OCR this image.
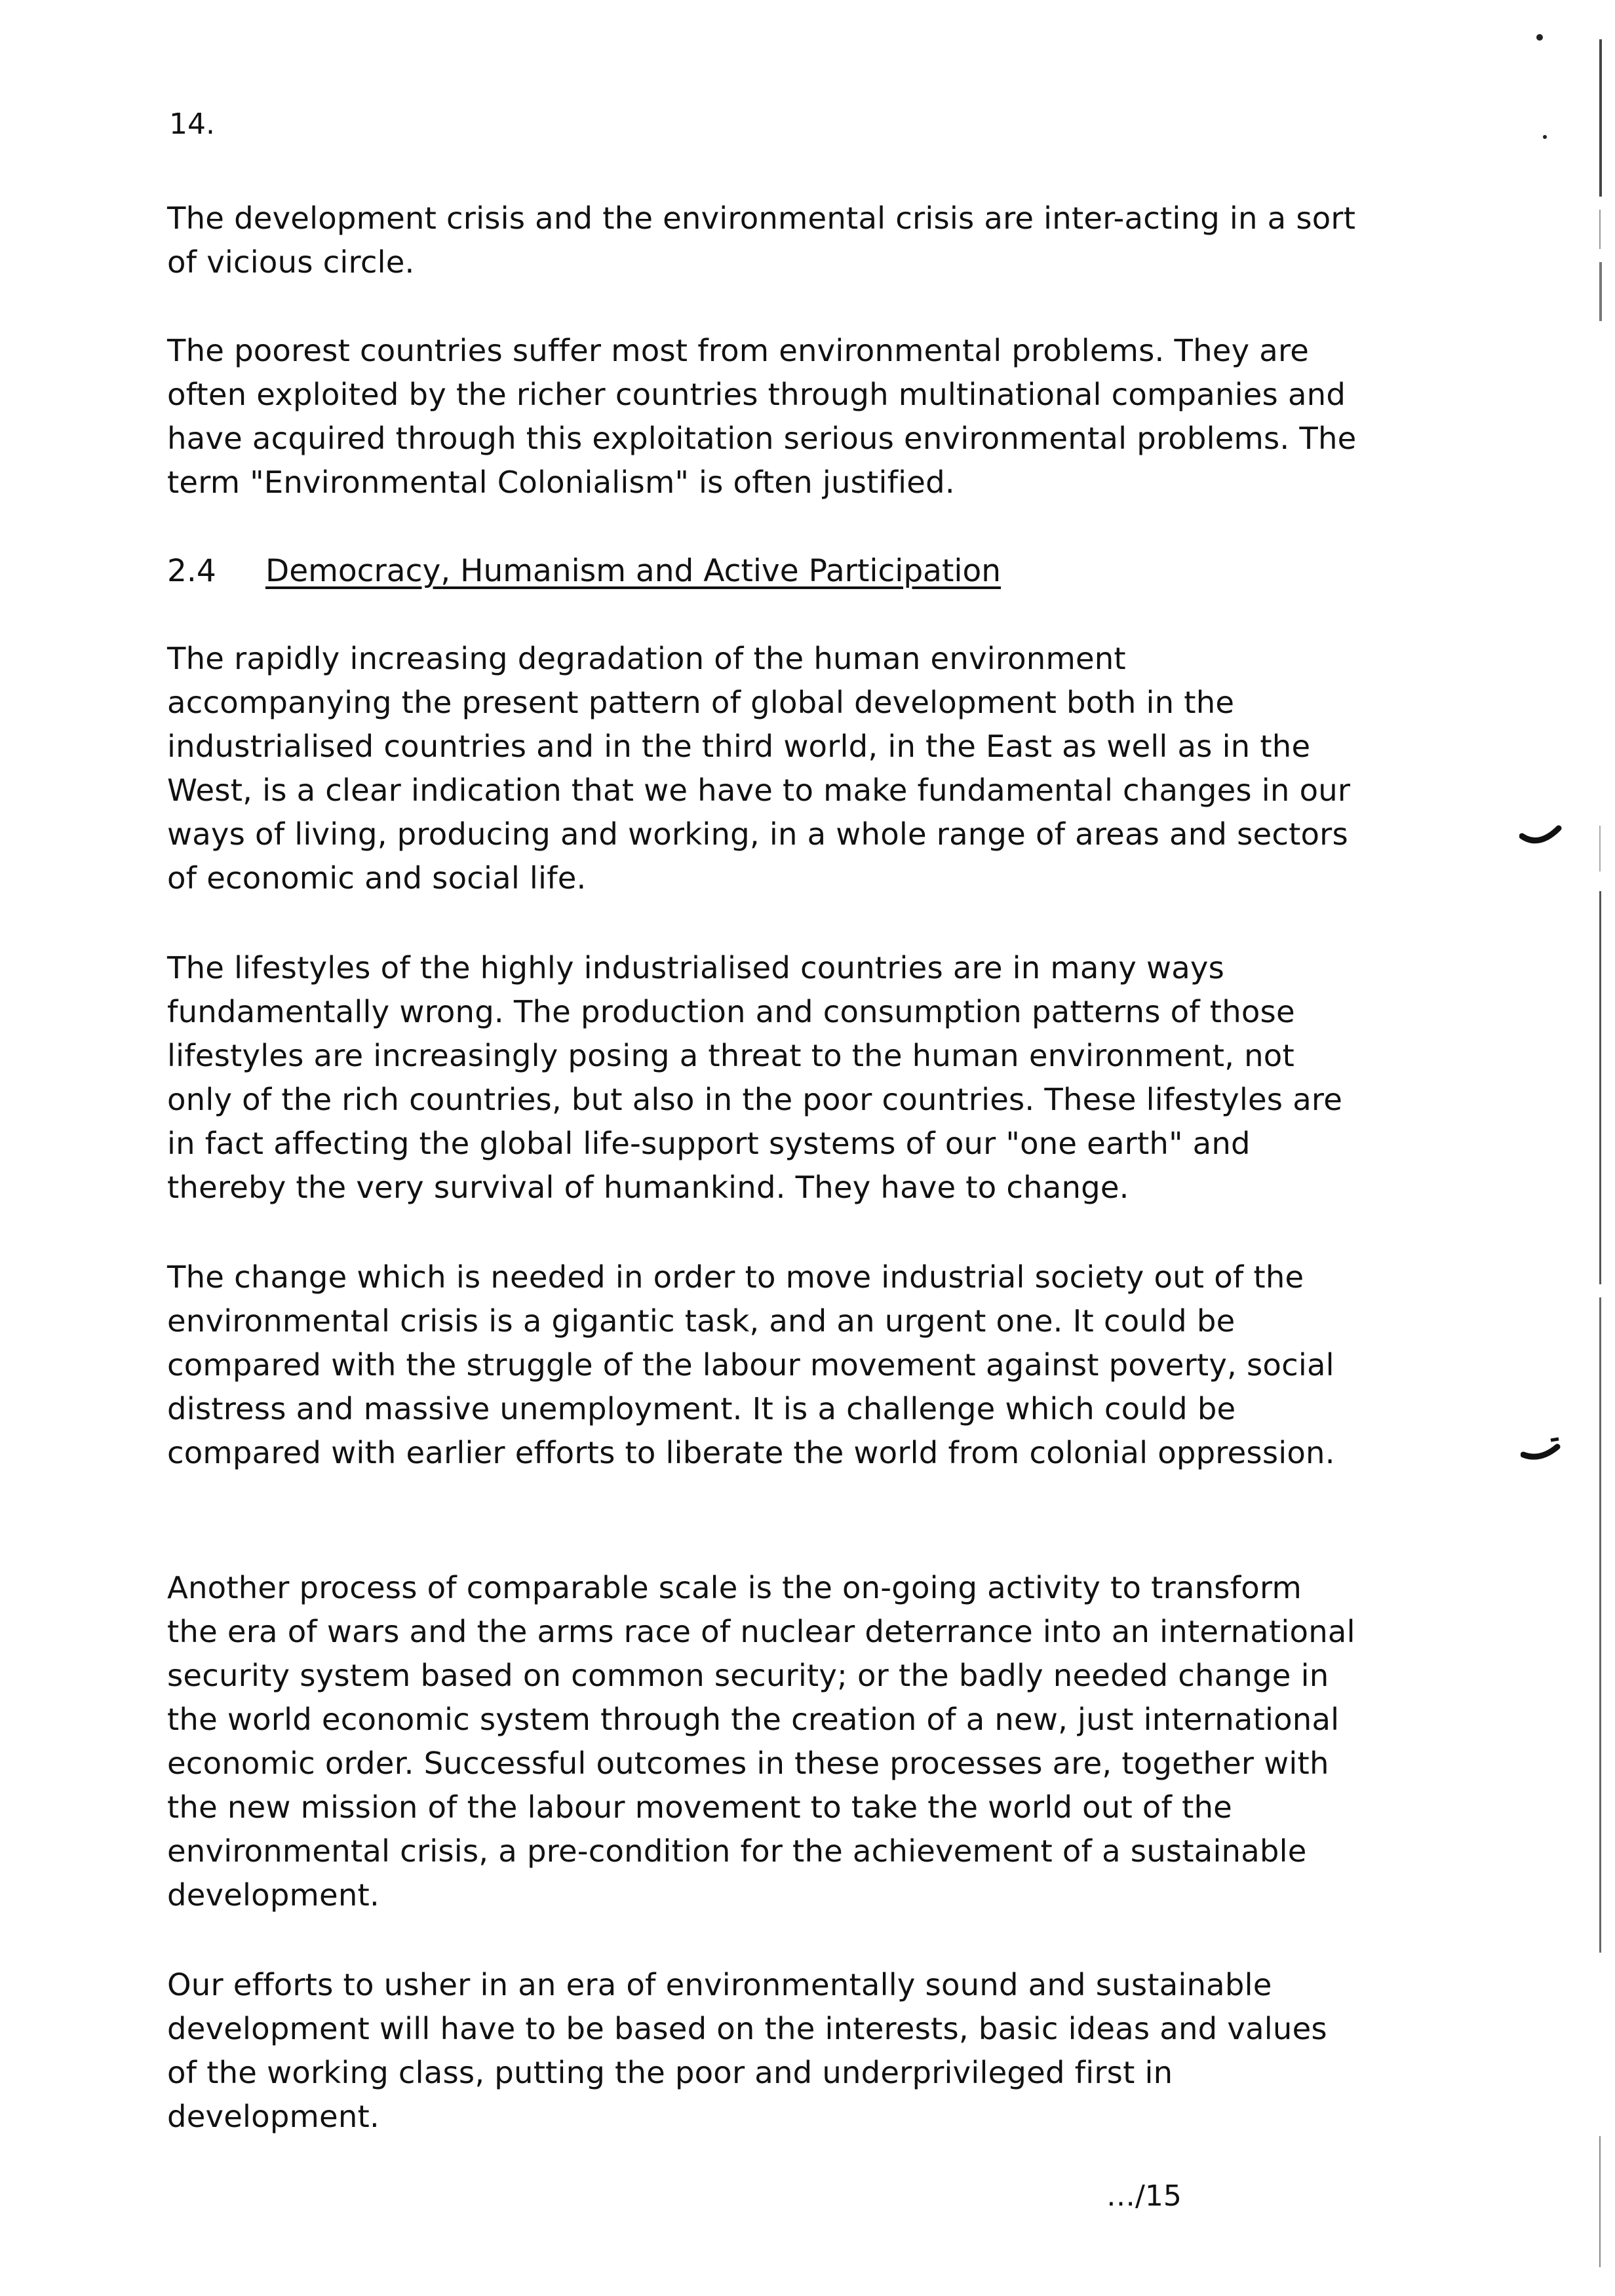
14.

The development crisis and the environmental crisis are inter-acting in a sort of vicious circle.

The poorest countries suffer most from environmental problems. They are often exploited by the richer countries through multinational companies and have acquired through this exploitation serious environmental problems. The term "Environmental Colonialism" is often justified.

2.4 Democracy, Humanism and Active Participation

The rapidly increasing degradation of the human environment accompanying the present pattern of global development both in the industrialised countries and in the third world, in the East as well as in the West, is a clear indication that we have to make fundamental changes in our ways of living, producing and working, in a whole range of areas and sectors of economic and social life.

The lifestyles of the highly industrialised countries are in many ways fundamentally wrong. The production and consumption patterns of those lifestyles are increasingly posing a threat to the human environment, not only of the rich countries, but also in the poor countries. These lifestyles are in fact affecting the global life-support systems of our "one earth" and thereby the very survival of humankind. They have to change.

The change which is needed in order to move industrial society out of the environmental crisis is a gigantic task, and an urgent one. It could be compared with the struggle of the labour movement against poverty, social distress and massive unemployment. It is a challenge which could be compared with earlier efforts to liberate the world from colonial oppression.

Another process of comparable scale is the on-going activity to transform the era of wars and the arms race of nuclear deterrance into an international security system based on common security; or the badly needed change in the world economic system through the creation of a new, just international economic order. Successful outcomes in these processes are, together with the new mission of the labour movement to take the world out of the environmental crisis, a pre-condition for the achievement of a sustainable development.

Our efforts to usher in an era of environmentally sound and sustainable development will have to be based on the interests, basic ideas and values of the working class, putting the poor and underprivileged first in development.

…/15
